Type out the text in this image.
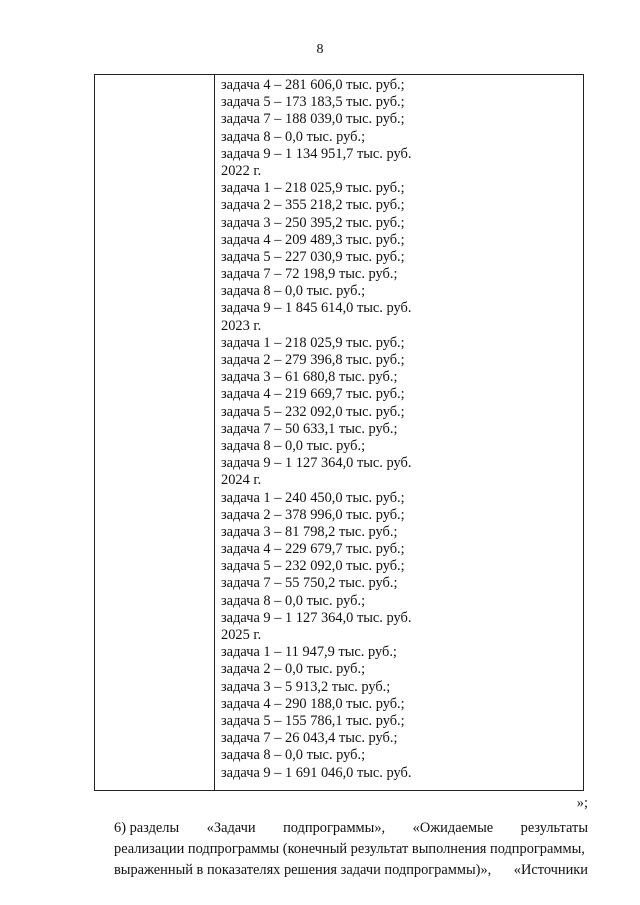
8
задача 4 – 281 606,0 тыс. руб.;
задача 5 – 173 183,5 тыс. руб.;
задача 7 – 188 039,0 тыс. руб.;
задача 8 – 0,0 тыс. руб.;
задача 9 – 1 134 951,7 тыс. руб.
2022 г.
задача 1 – 218 025,9 тыс. руб.;
задача 2 – 355 218,2 тыс. руб.;
задача 3 – 250 395,2 тыс. руб.;
задача 4 – 209 489,3 тыс. руб.;
задача 5 – 227 030,9 тыс. руб.;
задача 7 – 72 198,9 тыс. руб.;
задача 8 – 0,0 тыс. руб.;
задача 9 – 1 845 614,0 тыс. руб.
2023 г.
задача 1 – 218 025,9 тыс. руб.;
задача 2 – 279 396,8 тыс. руб.;
задача 3 – 61 680,8 тыс. руб.;
задача 4 – 219 669,7 тыс. руб.;
задача 5 – 232 092,0 тыс. руб.;
задача 7 – 50 633,1 тыс. руб.;
задача 8 – 0,0 тыс. руб.;
задача 9 – 1 127 364,0 тыс. руб.
2024 г.
задача 1 – 240 450,0 тыс. руб.;
задача 2 – 378 996,0 тыс. руб.;
задача 3 – 81 798,2 тыс. руб.;
задача 4 – 229 679,7 тыс. руб.;
задача 5 – 232 092,0 тыс. руб.;
задача 7 – 55 750,2 тыс. руб.;
задача 8 – 0,0 тыс. руб.;
задача 9 – 1 127 364,0 тыс. руб.
2025 г.
задача 1 – 11 947,9 тыс. руб.;
задача 2 – 0,0 тыс. руб.;
задача 3 – 5 913,2 тыс. руб.;
задача 4 – 290 188,0 тыс. руб.;
задача 5 – 155 786,1 тыс. руб.;
задача 7 – 26 043,4 тыс. руб.;
задача 8 – 0,0 тыс. руб.;
задача 9 – 1 691 046,0 тыс. руб.
»;
6) разделы «Задачи подпрограммы», «Ожидаемые результаты
реализации подпрограммы (конечный результат выполнения подпрограммы,
выраженный в показателях решения задачи подпрограммы)», «Источники
